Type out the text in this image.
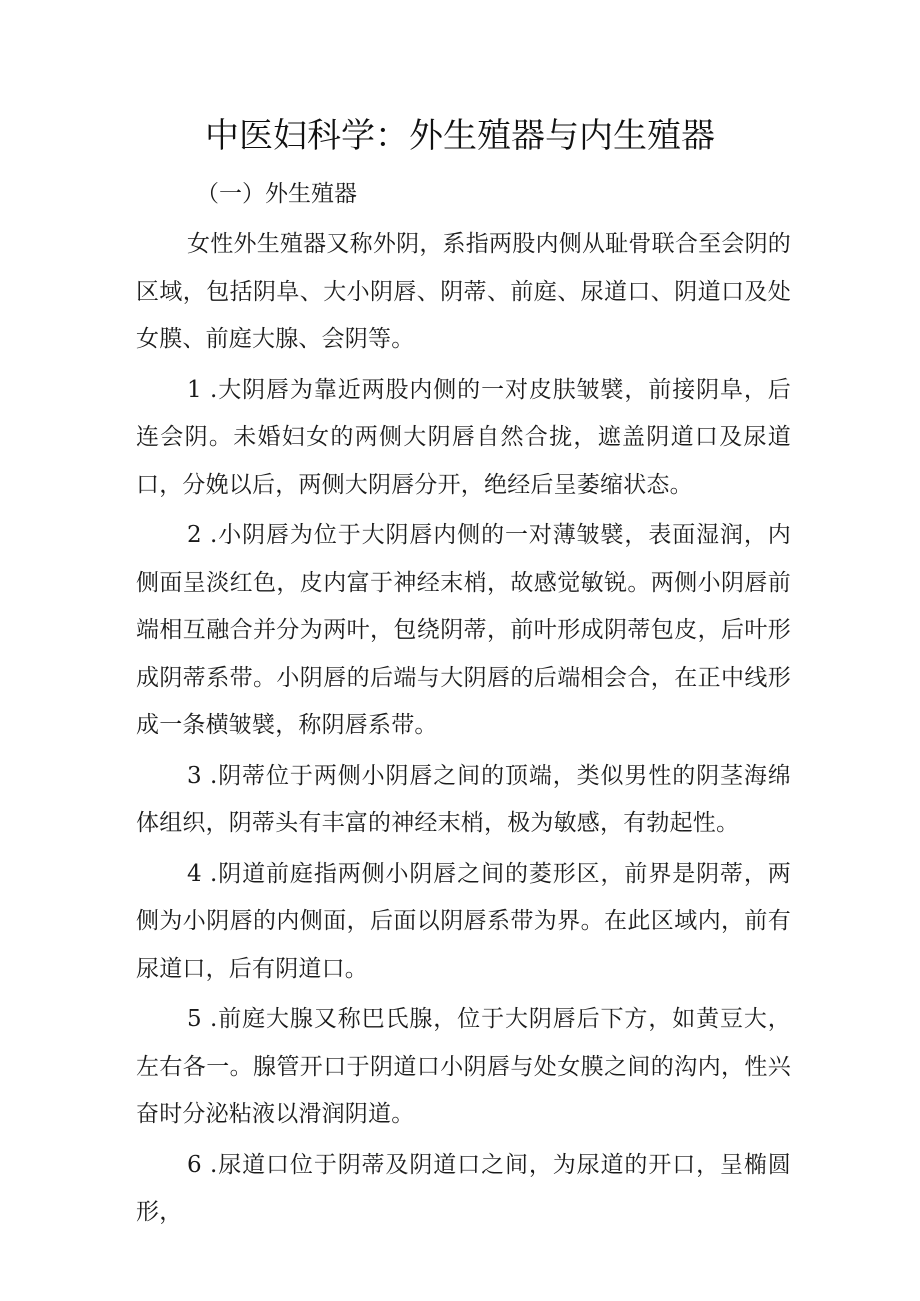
中医妇科学：外生殖器与内生殖器
（一）外生殖器

女性外生殖器又称外阴，系指两股内侧从耻骨联合至会阴的区域，包括阴阜、大小阴唇、阴蒂、前庭、尿道口、阴道口及处女膜、前庭大腺、会阴等。

1 .大阴唇为靠近两股内侧的一对皮肤皱襞，前接阴阜，后连会阴。未婚妇女的两侧大阴唇自然合拢，遮盖阴道口及尿道口，分娩以后，两侧大阴唇分开，绝经后呈萎缩状态。

2 .小阴唇为位于大阴唇内侧的一对薄皱襞，表面湿润，内侧面呈淡红色，皮内富于神经末梢，故感觉敏锐。两侧小阴唇前端相互融合并分为两叶，包绕阴蒂，前叶形成阴蒂包皮，后叶形成阴蒂系带。小阴唇的后端与大阴唇的后端相会合，在正中线形成一条横皱襞，称阴唇系带。

3 .阴蒂位于两侧小阴唇之间的顶端，类似男性的阴茎海绵体组织，阴蒂头有丰富的神经末梢，极为敏感，有勃起性。

4 .阴道前庭指两侧小阴唇之间的菱形区，前界是阴蒂，两侧为小阴唇的内侧面，后面以阴唇系带为界。在此区域内，前有尿道口，后有阴道口。

5 .前庭大腺又称巴氏腺，位于大阴唇后下方，如黄豆大，左右各一。腺管开口于阴道口小阴唇与处女膜之间的沟内，性兴奋时分泌粘液以滑润阴道。

6 .尿道口位于阴蒂及阴道口之间，为尿道的开口，呈椭圆形，
